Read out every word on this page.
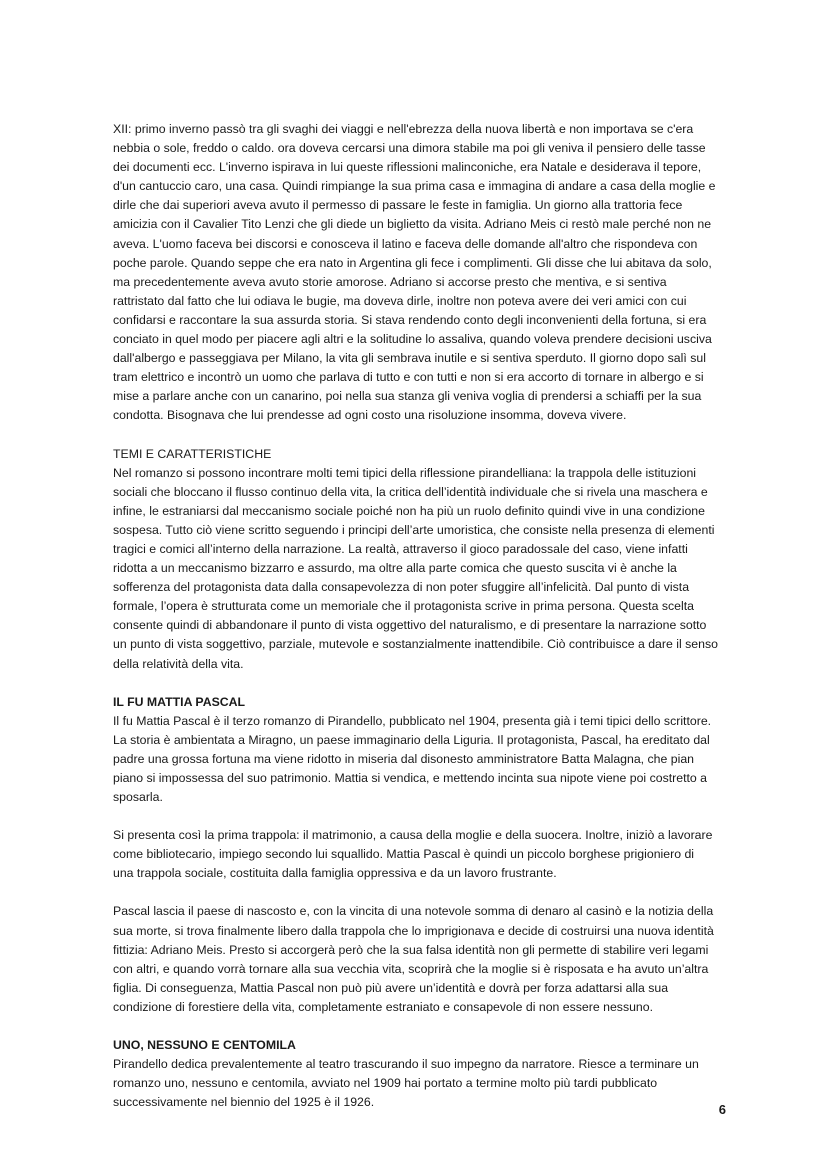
XII: primo inverno passò tra gli svaghi dei viaggi e nell'ebrezza della nuova libertà e non importava se c'era
nebbia o sole, freddo o caldo. ora doveva cercarsi una dimora stabile ma poi gli veniva il pensiero delle tasse
dei documenti ecc. L'inverno ispirava in lui queste riflessioni malinconiche, era Natale e desiderava il tepore,
d'un cantuccio caro, una casa. Quindi rimpiange la sua prima casa e immagina di andare a casa della moglie e
dirle che dai superiori aveva avuto il permesso di passare le feste in famiglia. Un giorno alla trattoria fece
amicizia con il Cavalier Tito Lenzi che gli diede un biglietto da visita. Adriano Meis ci restò male perché non ne
aveva. L'uomo faceva bei discorsi e conosceva il latino e faceva delle domande all'altro che rispondeva con
poche parole. Quando seppe che era nato in Argentina gli fece i complimenti. Gli disse che lui abitava da solo,
ma precedentemente aveva avuto storie amorose. Adriano si accorse presto che mentiva, e si sentiva
rattristato dal fatto che lui odiava le bugie, ma doveva dirle, inoltre non poteva avere dei veri amici con cui
confidarsi e raccontare la sua assurda storia. Si stava rendendo conto degli inconvenienti della fortuna, si era
conciato in quel modo per piacere agli altri e la solitudine lo assaliva, quando voleva prendere decisioni usciva
dall'albergo e passeggiava per Milano, la vita gli sembrava inutile e si sentiva sperduto. Il giorno dopo salì sul
tram elettrico e incontrò un uomo che parlava di tutto e con tutti e non si era accorto di tornare in albergo e si
mise a parlare anche con un canarino, poi nella sua stanza gli veniva voglia di prendersi a schiaffi per la sua
condotta. Bisognava che lui prendesse ad ogni costo una risoluzione insomma, doveva vivere.

TEMI E CARATTERISTICHE

Nel romanzo si possono incontrare molti temi tipici della riflessione pirandelliana: la trappola delle istituzioni
sociali che bloccano il flusso continuo della vita, la critica dell’identità individuale che si rivela una maschera e
infine, le estraniarsi dal meccanismo sociale poiché non ha più un ruolo definito quindi vive in una condizione
sospesa. Tutto ciò viene scritto seguendo i principi dell’arte umoristica, che consiste nella presenza di elementi
tragici e comici all’interno della narrazione. La realtà, attraverso il gioco paradossale del caso, viene infatti
ridotta a un meccanismo bizzarro e assurdo, ma oltre alla parte comica che questo suscita vi è anche la
sofferenza del protagonista data dalla consapevolezza di non poter sfuggire all’infelicità. Dal punto di vista
formale, l’opera è strutturata come un memoriale che il protagonista scrive in prima persona. Questa scelta
consente quindi di abbandonare il punto di vista oggettivo del naturalismo, e di presentare la narrazione sotto
un punto di vista soggettivo, parziale, mutevole e sostanzialmente inattendibile. Ciò contribuisce a dare il senso
della relatività della vita.

IL FU MATTIA PASCAL

Il fu Mattia Pascal è il terzo romanzo di Pirandello, pubblicato nel 1904, presenta già i temi tipici dello scrittore.
La storia è ambientata a Miragno, un paese immaginario della Liguria. Il protagonista, Pascal, ha ereditato dal
padre una grossa fortuna ma viene ridotto in miseria dal disonesto amministratore Batta Malagna, che pian
piano si impossessa del suo patrimonio. Mattia si vendica, e mettendo incinta sua nipote viene poi costretto a
sposarla.

Si presenta così la prima trappola: il matrimonio, a causa della moglie e della suocera. Inoltre, iniziò a lavorare
come bibliotecario, impiego secondo lui squallido. Mattia Pascal è quindi un piccolo borghese prigioniero di
una trappola sociale, costituita dalla famiglia oppressiva e da un lavoro frustrante.

Pascal lascia il paese di nascosto e, con la vincita di una notevole somma di denaro al casinò e la notizia della
sua morte, si trova finalmente libero dalla trappola che lo imprigionava e decide di costruirsi una nuova identità
fittizia: Adriano Meis. Presto si accorgerà però che la sua falsa identità non gli permette di stabilire veri legami
con altri, e quando vorrà tornare alla sua vecchia vita, scoprirà che la moglie si è risposata e ha avuto un’altra
figlia. Di conseguenza, Mattia Pascal non può più avere un’identità e dovrà per forza adattarsi alla sua
condizione di forestiere della vita, completamente estraniato e consapevole di non essere nessuno.

UNO, NESSUNO E CENTOMILA

Pirandello dedica prevalentemente al teatro trascurando il suo impegno da narratore. Riesce a terminare un
romanzo uno, nessuno e centomila, avviato nel 1909 hai portato a termine molto più tardi pubblicato
successivamente nel biennio del 1925 è il 1926.	6
